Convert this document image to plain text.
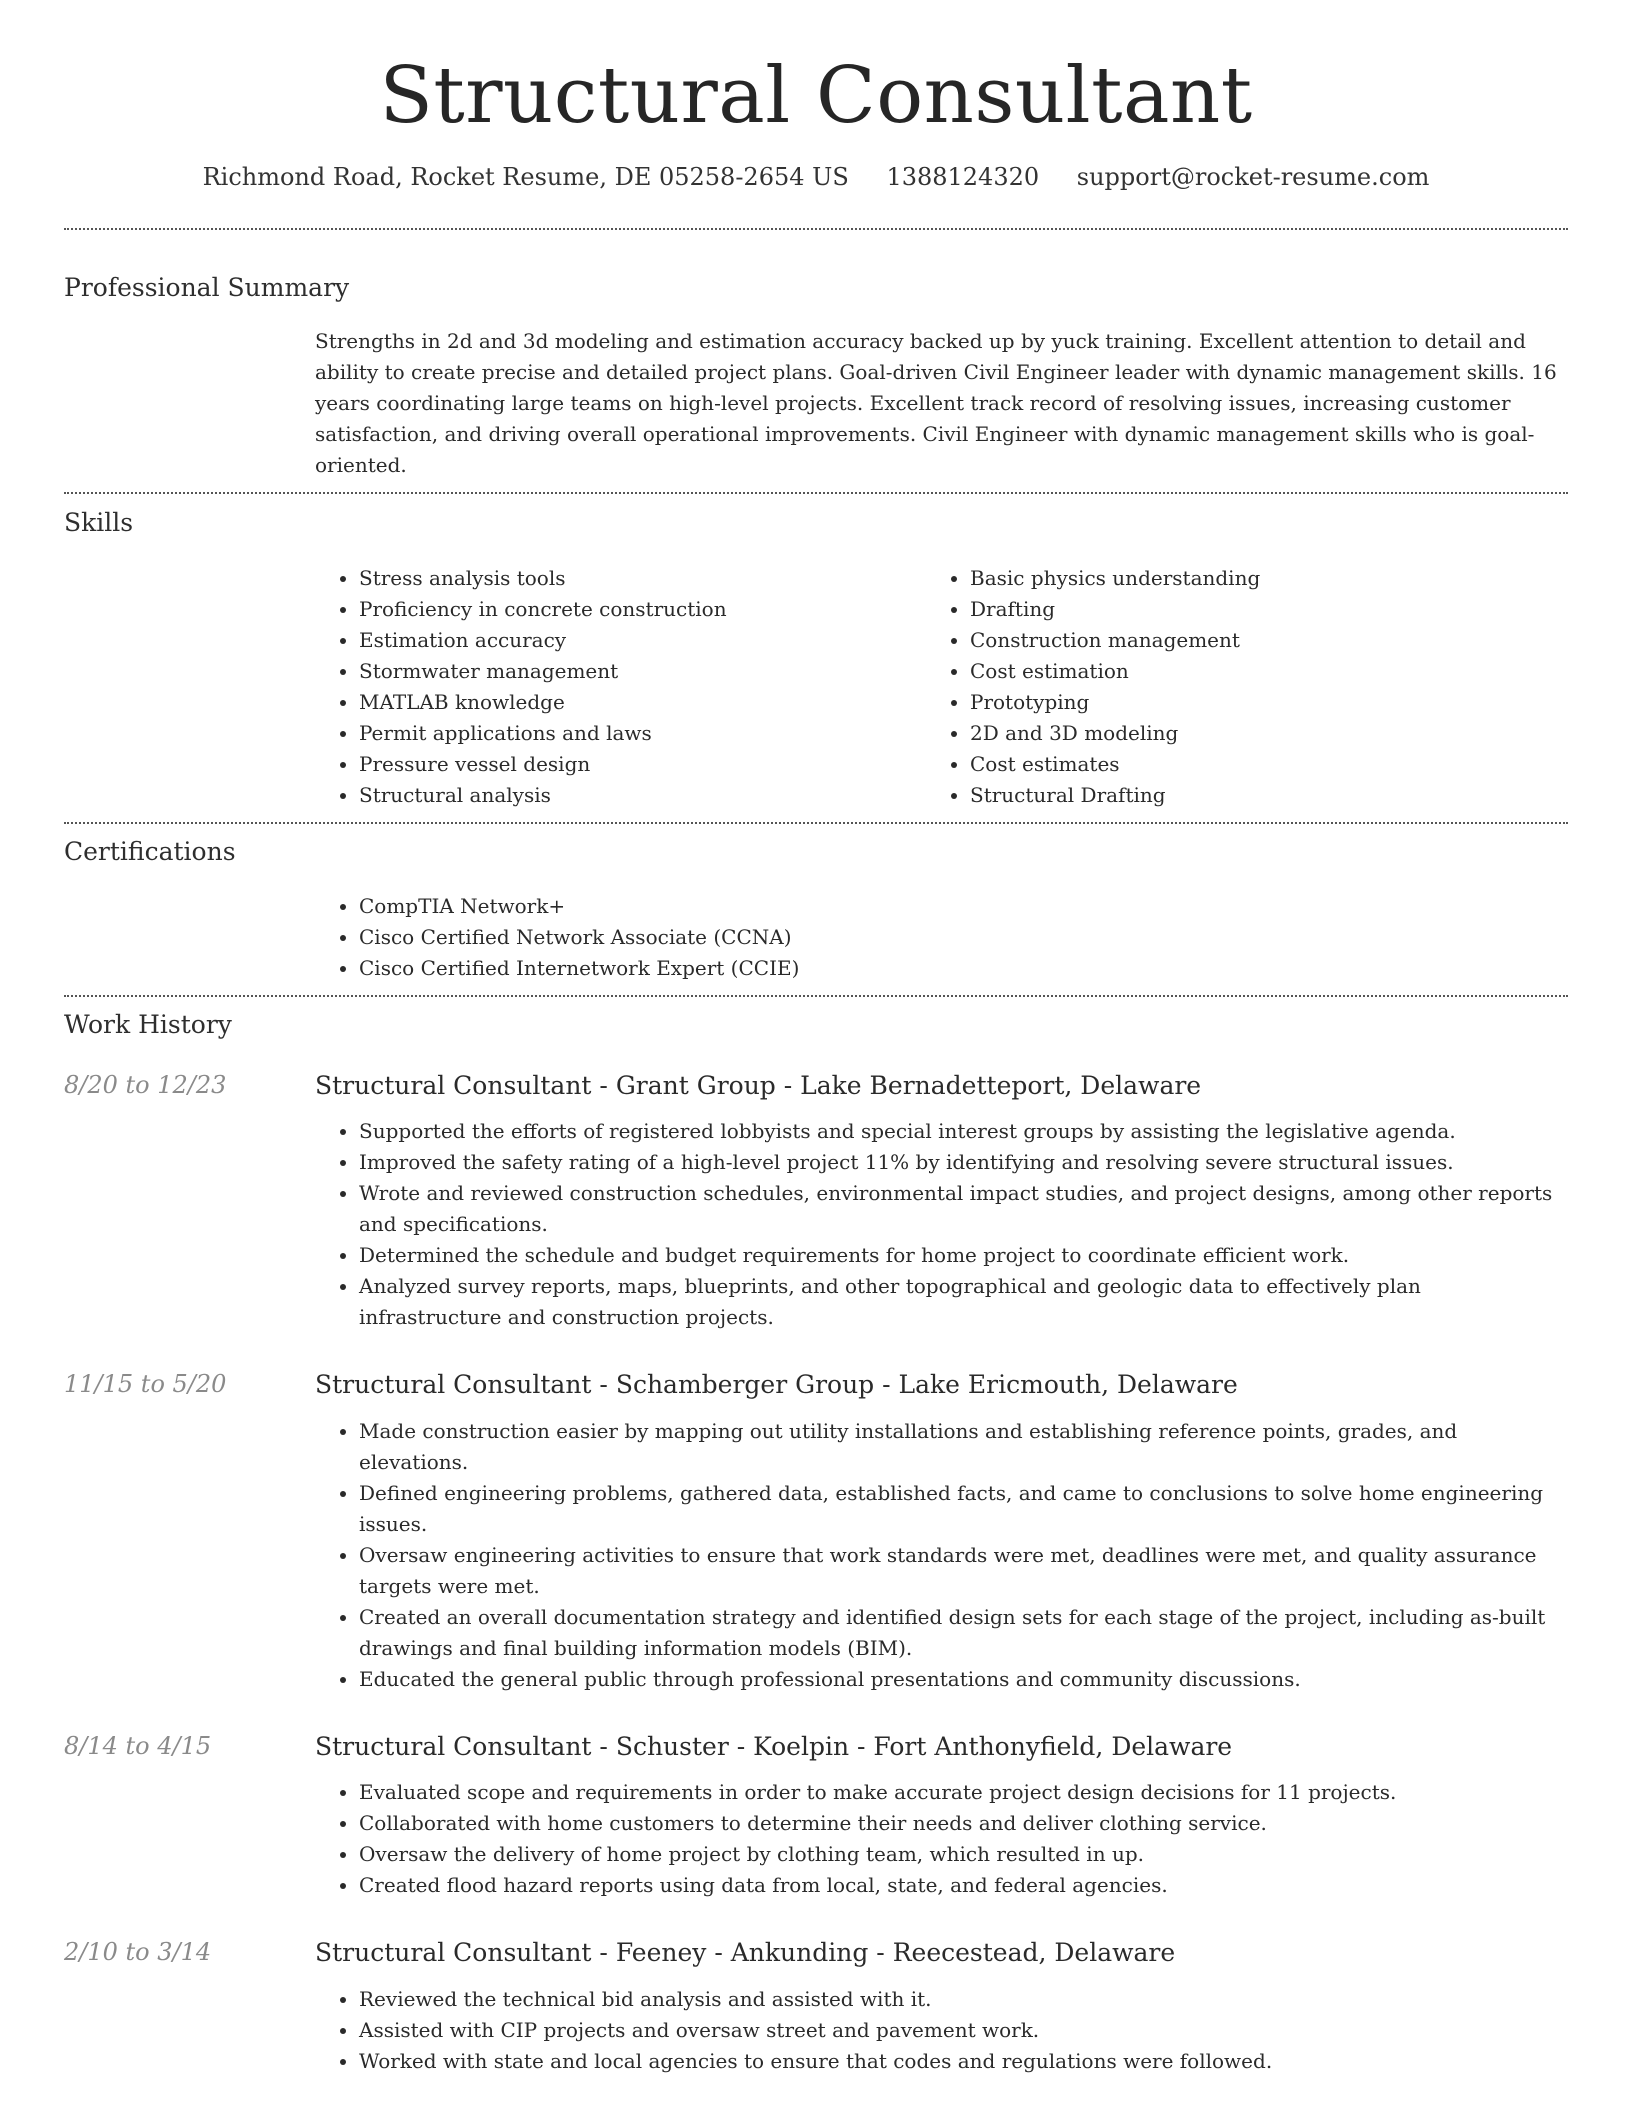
Structural Consultant
Richmond Road, Rocket Resume, DE 05258-2654 US 1388124320 support@rocket-resume.com
Professional Summary
Strengths in 2d and 3d modeling and estimation accuracy backed up by yuck training. Excellent attention to detail and ability to create precise and detailed project plans. Goal-driven Civil Engineer leader with dynamic management skills. 16 years coordinating large teams on high-level projects. Excellent track record of resolving issues, increasing customer satisfaction, and driving overall operational improvements. Civil Engineer with dynamic management skills who is goal-oriented.
Skills
• Stress analysis tools
• Proficiency in concrete construction
• Estimation accuracy
• Stormwater management
• MATLAB knowledge
• Permit applications and laws
• Pressure vessel design
• Structural analysis
• Basic physics understanding
• Drafting
• Construction management
• Cost estimation
• Prototyping
• 2D and 3D modeling
• Cost estimates
• Structural Drafting
Certifications
• CompTIA Network+
• Cisco Certified Network Associate (CCNA)
• Cisco Certified Internetwork Expert (CCIE)
Work History
8/20 to 12/23	Structural Consultant - Grant Group - Lake Bernadetteport, Delaware
• Supported the efforts of registered lobbyists and special interest groups by assisting the legislative agenda.
• Improved the safety rating of a high-level project 11% by identifying and resolving severe structural issues.
• Wrote and reviewed construction schedules, environmental impact studies, and project designs, among other reports and specifications.
• Determined the schedule and budget requirements for home project to coordinate efficient work.
• Analyzed survey reports, maps, blueprints, and other topographical and geologic data to effectively plan infrastructure and construction projects.
11/15 to 5/20	Structural Consultant - Schamberger Group - Lake Ericmouth, Delaware
• Made construction easier by mapping out utility installations and establishing reference points, grades, and elevations.
• Defined engineering problems, gathered data, established facts, and came to conclusions to solve home engineering issues.
• Oversaw engineering activities to ensure that work standards were met, deadlines were met, and quality assurance targets were met.
• Created an overall documentation strategy and identified design sets for each stage of the project, including as-built drawings and final building information models (BIM).
• Educated the general public through professional presentations and community discussions.
8/14 to 4/15	Structural Consultant - Schuster - Koelpin - Fort Anthonyfield, Delaware
• Evaluated scope and requirements in order to make accurate project design decisions for 11 projects.
• Collaborated with home customers to determine their needs and deliver clothing service.
• Oversaw the delivery of home project by clothing team, which resulted in up.
• Created flood hazard reports using data from local, state, and federal agencies.
2/10 to 3/14	Structural Consultant - Feeney - Ankunding - Reecestead, Delaware
• Reviewed the technical bid analysis and assisted with it.
• Assisted with CIP projects and oversaw street and pavement work.
• Worked with state and local agencies to ensure that codes and regulations were followed.
